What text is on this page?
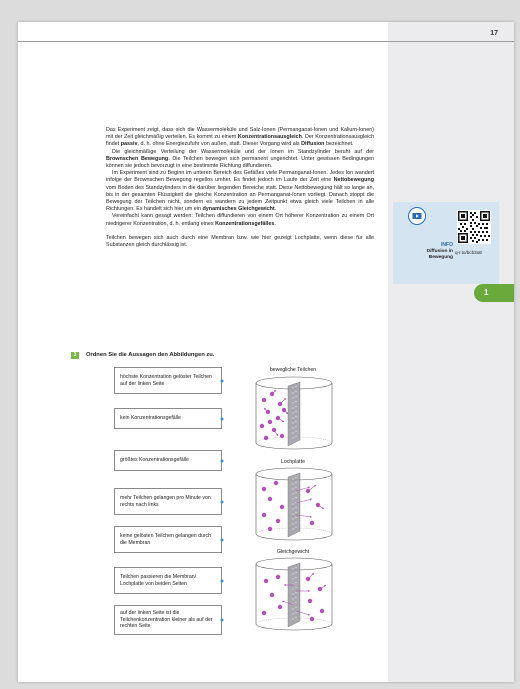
17

Das Experiment zeigt, dass sich die Wassermoleküle und Salz-Ionen (Permanganat-Ionen und Kalium-Ionen) mit der Zeit gleichmäßig verteilen. Es kommt zu einem Konzentrationsausgleich. Der Konzentrationsausgleich findet passiv, d. h. ohne Energiezufuhr von außen, statt. Dieser Vorgang wird als Diffusion bezeichnet.

Die gleichmäßige Verteilung der Wassermoleküle und der Ionen im Standzylinder beruht auf der Brownschen Bewegung. Die Teilchen bewegen sich permanent ungerichtet. Unter gewissen Bedingungen können sie jedoch bevorzugt in eine bestimmte Richtung diffundieren.

Im Experiment sind zu Beginn im unteren Bereich des Gefäßes viele Permanganat-Ionen. Jedes Ion wandert infolge der Brownschen Bewegung regellos umher. Es findet jedoch im Laufe der Zeit eine Nettobewegung vom Boden des Standzylinders in die darüber liegenden Bereiche statt. Diese Nettobewegung hält so lange an, bis in der gesamten Flüssigkeit die gleiche Konzentration an Permanganat-Ionen vorliegt. Danach stoppt die Bewegung der Teilchen nicht, sondern es wandern zu jedem Zeitpunkt etwa gleich viele Teilchen in alle Richtungen. Es handelt sich hier um ein dynamisches Gleichgewicht.

Vereinfacht kann gesagt werden: Teilchen diffundieren von einem Ort höherer Konzentration zu einem Ort niedrigerer Konzentration, d. h. entlang eines Konzentrationsgefälles.

Teilchen bewegen sich auch durch eine Membran bzw. wie hier gezeigt Lochplatte, wenn diese für alle Substanzen gleich durchlässig ist.

3	Ordnen Sie die Aussagen den Abbildungen zu.
höchste Konzentration gelöster Teilchen auf der linken Seite
kein Konzentrationsgefälle
größtes Konzentrationsgefälle
mehr Teilchen gelangen pro Minute von rechts nach links
keine gelösten Teilchen gelangen durch die Membran
Teilchen passieren die Membran/ Lochplatte von beiden Seiten
auf der linken Seite ist die Teilchenkonzentration kleiner als auf der rechten Seite
bewegliche Teilchen
Lochplatte
Gleichgewicht
INFO
Diffusion in Bewegung
q-r.to/bcb3oE
1
